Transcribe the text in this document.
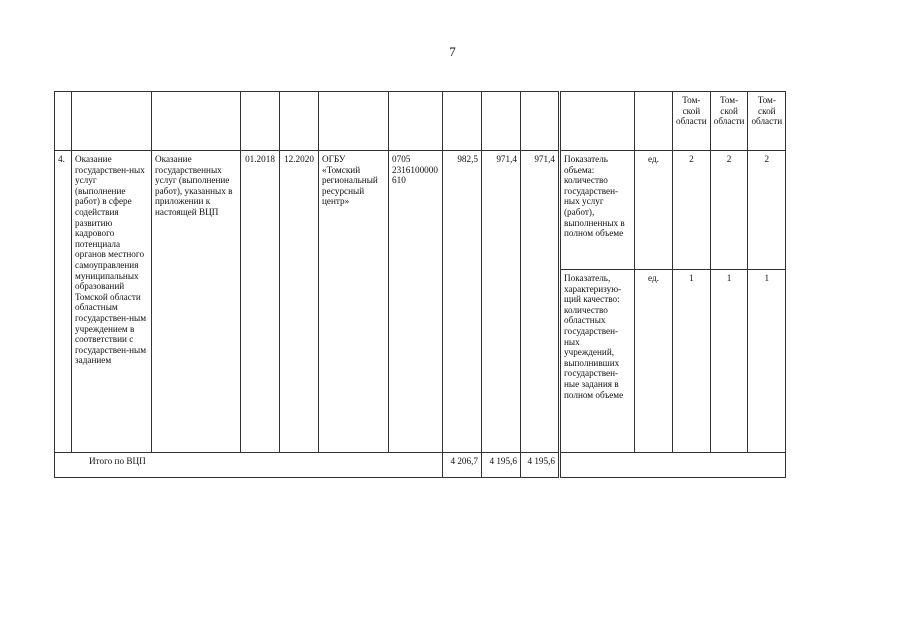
7
												Том-
ской
области	Том-
ской
области	Том-
ской
области
4.	Оказание государствен-ных услуг (выполнение работ) в сфере содействия развитию кадрового потенциала органов местного самоуправления муниципальных образований Томской области областным государствен-ным учреждением в соответствии с государствен-ным заданием	Оказание государственных услуг (выполнение работ), указанных в приложении к настоящей ВЦП	01.2018	12.2020	ОГБУ «Томский региональный ресурсный центр»	0705 2316100000 610	982,5	971,4	971,4	Показатель объема: количество государствен-ных услуг (работ), выполненных в полном объеме	ед.	2	2	2
										Показатель, характеризую-щий качество: количество областных государствен-ных учреждений, выполнивших государствен-ные задания в полном объеме	ед.	1	1	1
Итого по ВЦП							4 206,7	4 195,6	4 195,6					
